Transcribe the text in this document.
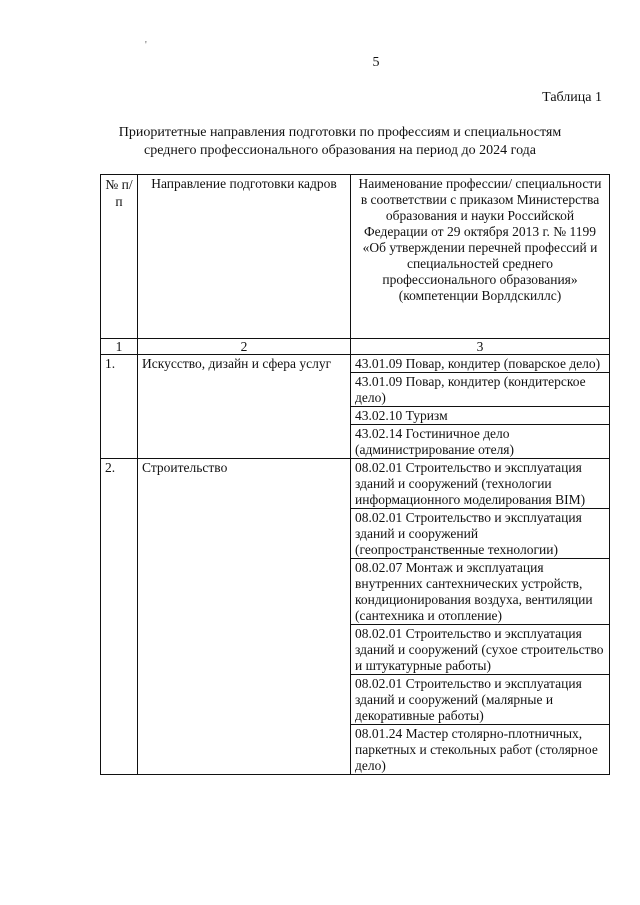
5
Таблица 1
Приоритетные направления подготовки по профессиям и специальностям
среднего профессионального образования на период до 2024 года
№ п/п	Направление подготовки кадров	Наименование профессии/ специальности в соответствии с приказом Министерства образования и науки Российской Федерации от 29 октября 2013 г. № 1199 «Об утверждении перечней профессий и специальностей среднего профессионального образования» (компетенции Ворлдскиллс)
1	2	3
1.	Искусство, дизайн и сфера услуг	43.01.09 Повар, кондитер (поварское дело)
		43.01.09 Повар, кондитер (кондитерское дело)
		43.02.10 Туризм
		43.02.14 Гостиничное дело (администрирование отеля)
2.	Строительство	08.02.01 Строительство и эксплуатация зданий и сооружений (технологии информационного моделирования BIM)
		08.02.01 Строительство и эксплуатация зданий и сооружений (геопространственные технологии)
		08.02.07 Монтаж и эксплуатация внутренних сантехнических устройств, кондиционирования воздуха, вентиляции (сантехника и отопление)
		08.02.01 Строительство и эксплуатация зданий и сооружений (сухое строительство и штукатурные работы)
		08.02.01 Строительство и эксплуатация зданий и сооружений (малярные и декоративные работы)
		08.01.24 Мастер столярно-плотничных, паркетных и стекольных работ (столярное дело)
'
